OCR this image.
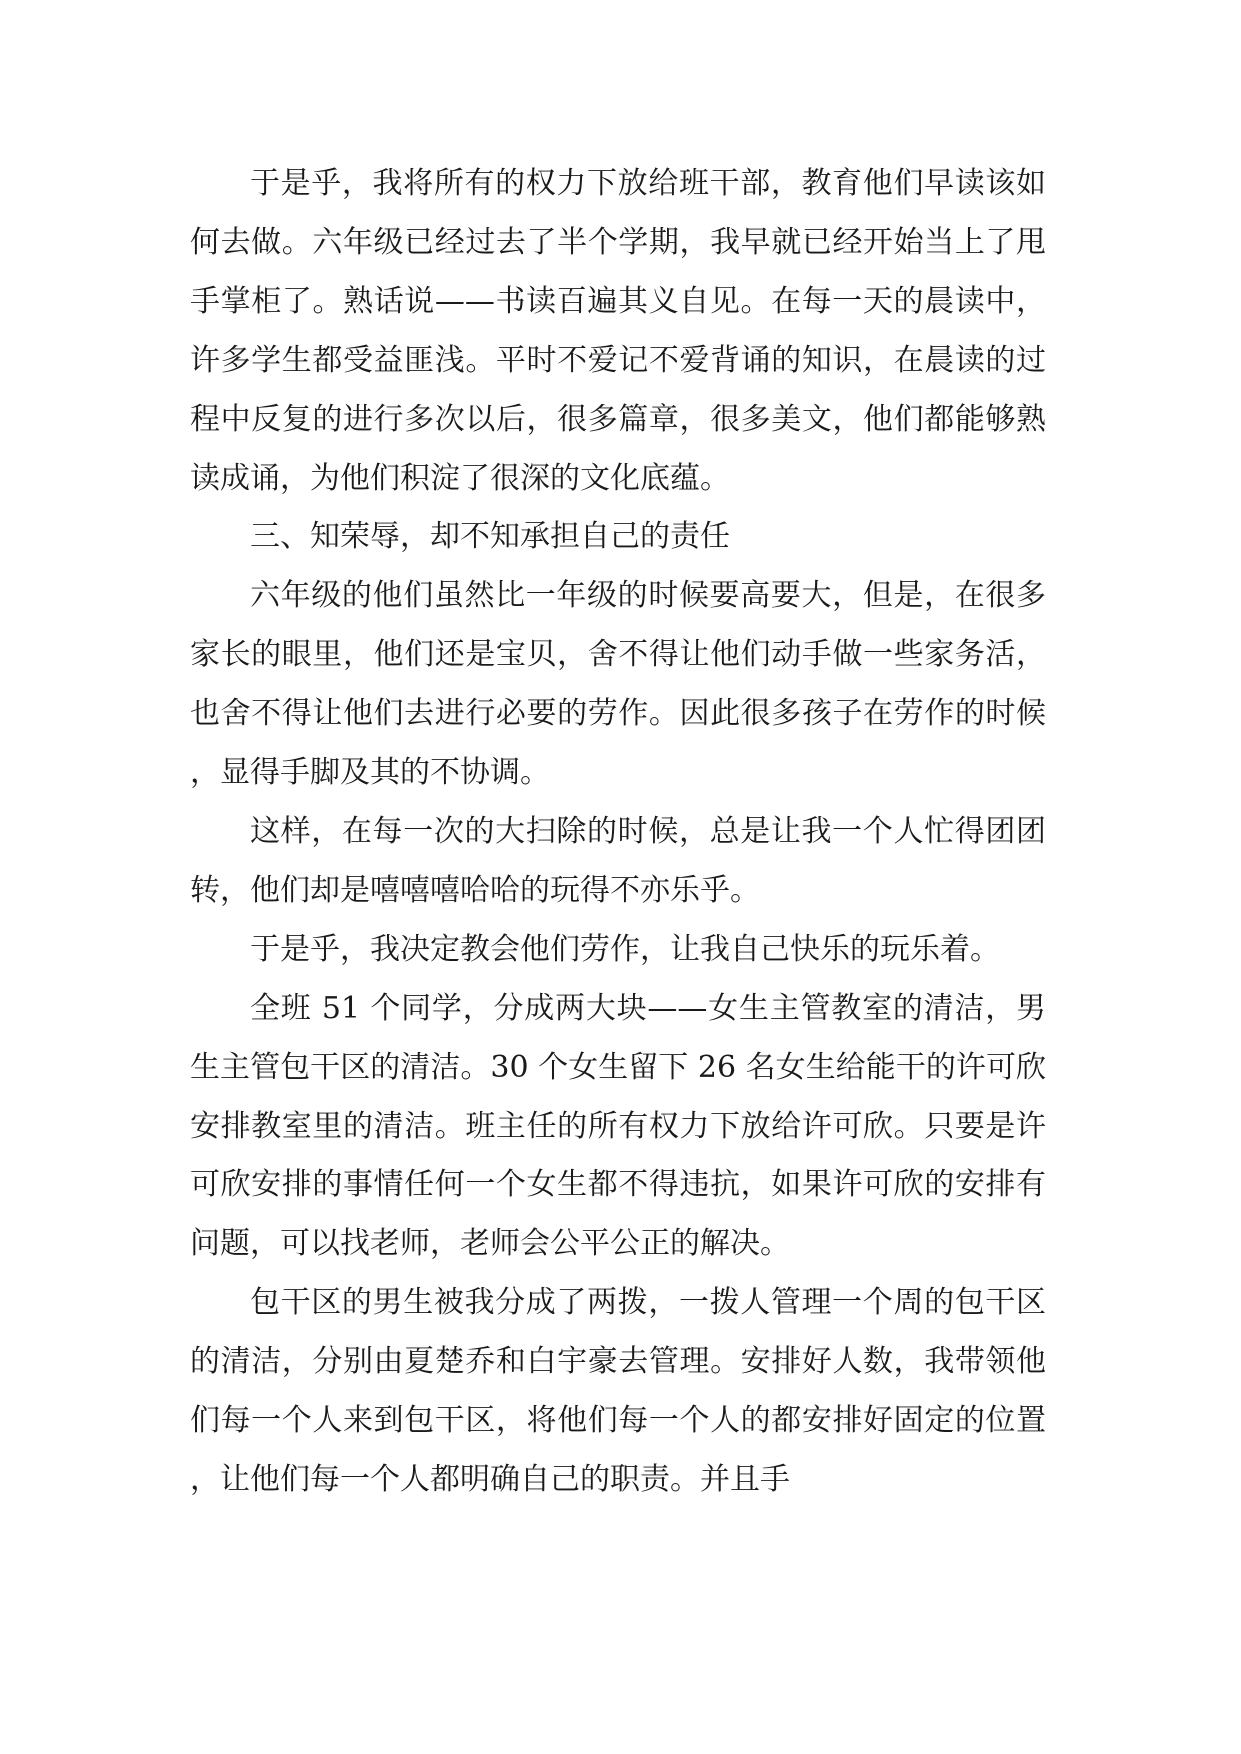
于是乎，我将所有的权力下放给班干部，教育他们早读该如何去做。六年级已经过去了半个学期，我早就已经开始当上了甩手掌柜了。熟话说——书读百遍其义自见。在每一天的晨读中，许多学生都受益匪浅。平时不爱记不爱背诵的知识，在晨读的过程中反复的进行多次以后，很多篇章，很多美文，他们都能够熟读成诵，为他们积淀了很深的文化底蕴。

三、知荣辱，却不知承担自己的责任

六年级的他们虽然比一年级的时候要高要大，但是，在很多家长的眼里，他们还是宝贝，舍不得让他们动手做一些家务活，也舍不得让他们去进行必要的劳作。因此很多孩子在劳作的时候，显得手脚及其的不协调。

这样，在每一次的大扫除的时候，总是让我一个人忙得团团转，他们却是嘻嘻嘻哈哈的玩得不亦乐乎。

于是乎，我决定教会他们劳作，让我自己快乐的玩乐着。

全班 51 个同学，分成两大块——女生主管教室的清洁，男生主管包干区的清洁。30 个女生留下 26 名女生给能干的许可欣安排教室里的清洁。班主任的所有权力下放给许可欣。只要是许可欣安排的事情任何一个女生都不得违抗，如果许可欣的安排有问题，可以找老师，老师会公平公正的解决。

包干区的男生被我分成了两拨，一拨人管理一个周的包干区的清洁，分别由夏楚乔和白宇豪去管理。安排好人数，我带领他们每一个人来到包干区，将他们每一个人的都安排好固定的位置，让他们每一个人都明确自己的职责。并且手
